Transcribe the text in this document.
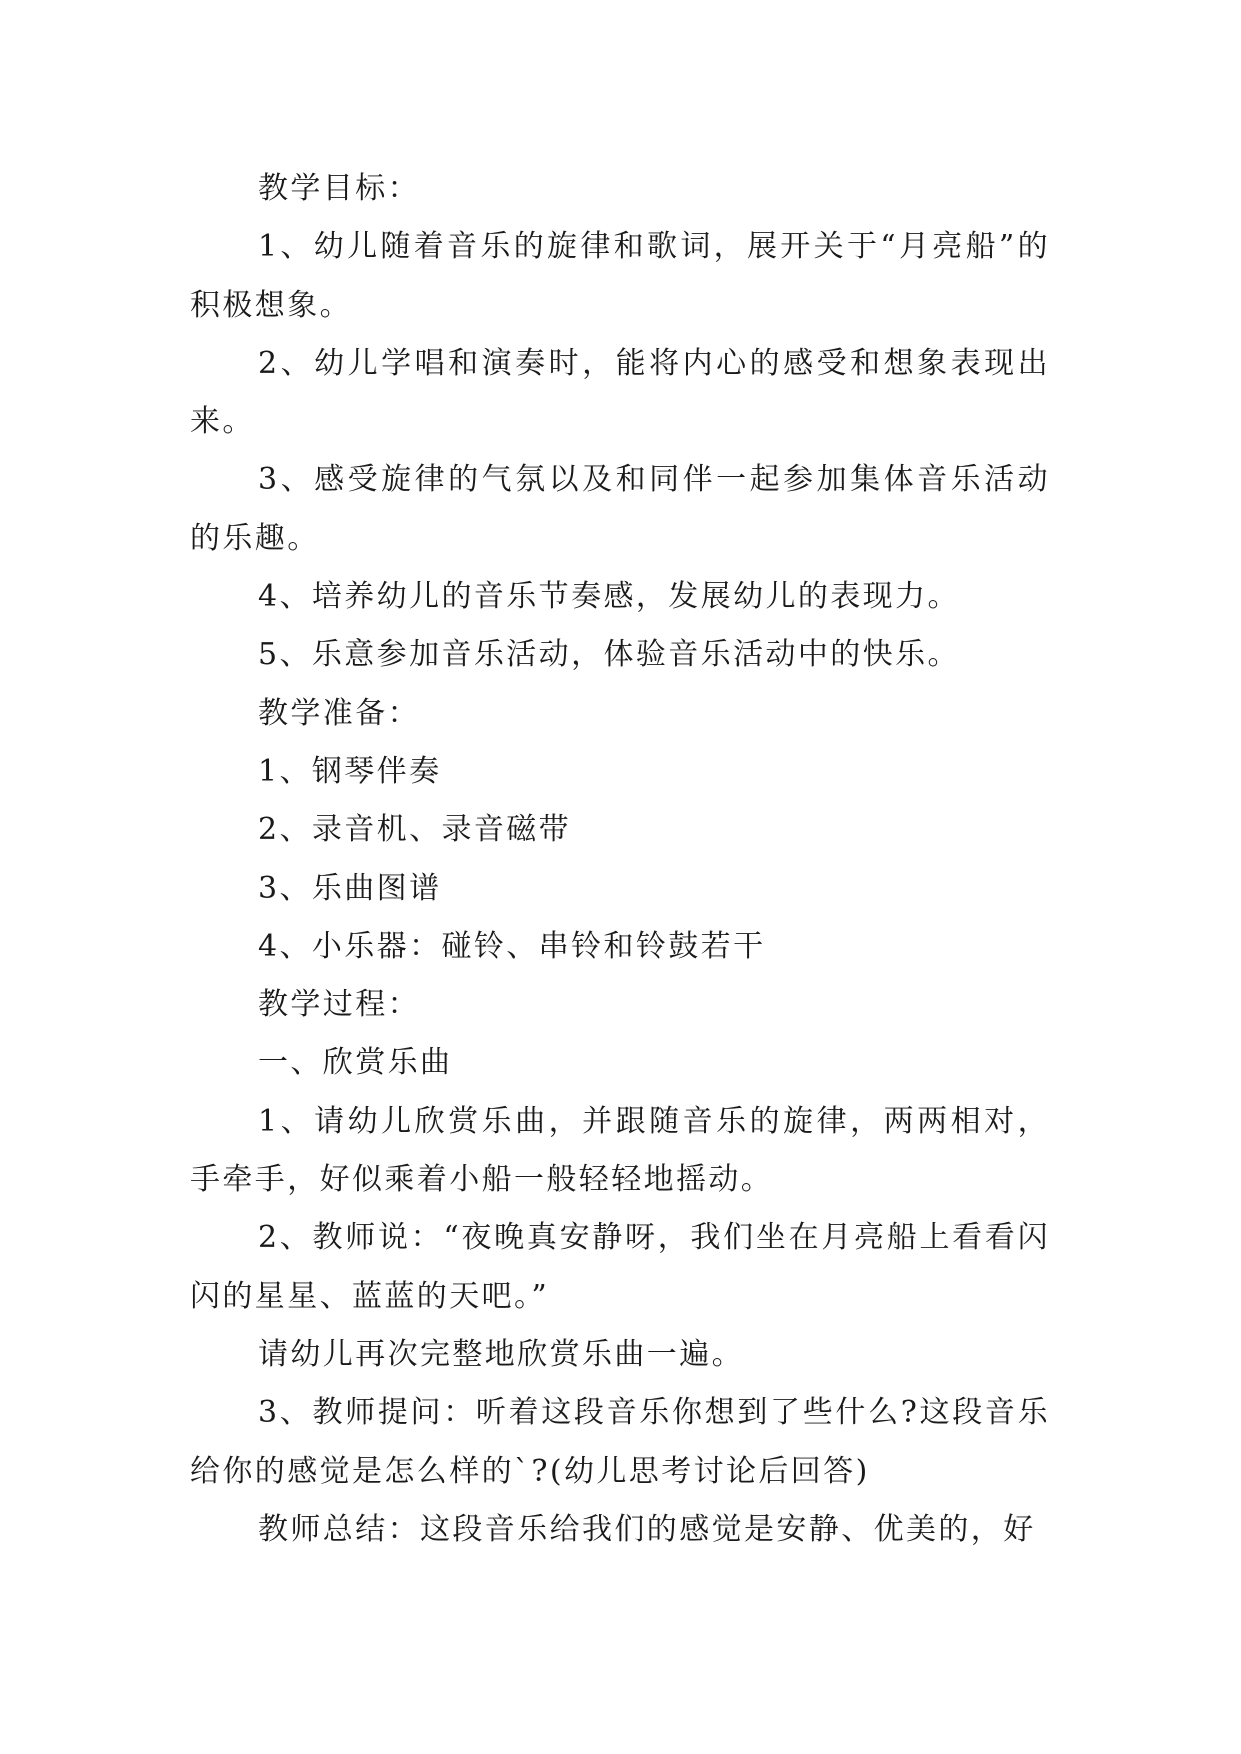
教学目标：

1、幼儿随着音乐的旋律和歌词，展开关于“月亮船”的积极想象。

2、幼儿学唱和演奏时，能将内心的感受和想象表现出来。

3、感受旋律的气氛以及和同伴一起参加集体音乐活动的乐趣。

4、培养幼儿的音乐节奏感，发展幼儿的表现力。

5、乐意参加音乐活动，体验音乐活动中的快乐。

教学准备：

1、钢琴伴奏

2、录音机、录音磁带

3、乐曲图谱

4、小乐器：碰铃、串铃和铃鼓若干

教学过程：

一、欣赏乐曲

1、请幼儿欣赏乐曲，并跟随音乐的旋律，两两相对，手牵手，好似乘着小船一般轻轻地摇动。

2、教师说：“夜晚真安静呀，我们坐在月亮船上看看闪闪的星星、蓝蓝的天吧。”

请幼儿再次完整地欣赏乐曲一遍。

3、教师提问：听着这段音乐你想到了些什么?这段音乐给你的感觉是怎么样的`?(幼儿思考讨论后回答)

教师总结：这段音乐给我们的感觉是安静、优美的，好
